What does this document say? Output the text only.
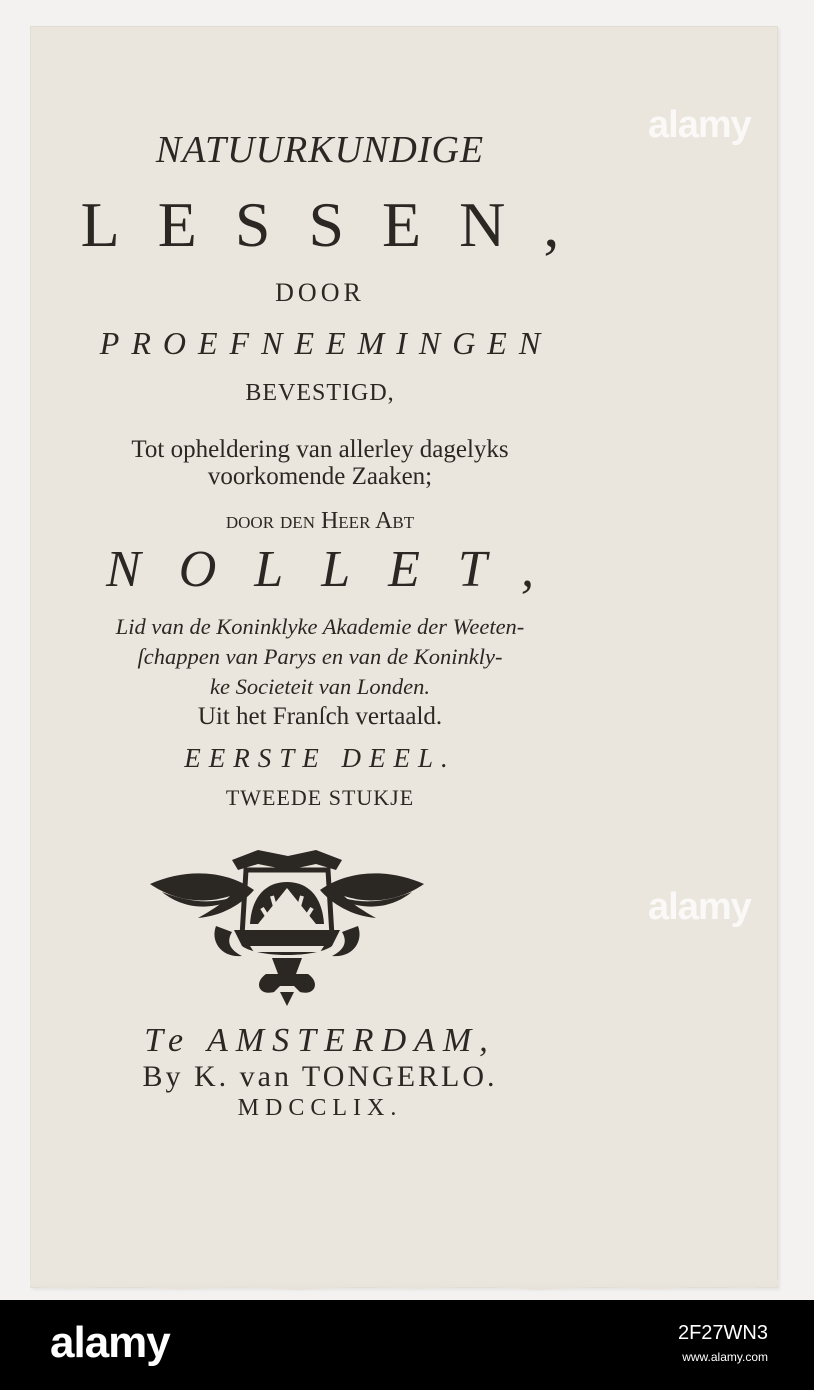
NATUURKUNDIGE
LESSEN,
DOOR
PROEFNEEMINGEN
BEVESTIGD,
Tot opheldering van allerley dagelyks
voorkomende Zaaken;
door den Heer Abt
NOLLET,
Lid van de Koninklyke Akademie der Weeten-
ſchappen van Parys en van de Koninkly-
ke Societeit van Londen.
Uit het Franſch vertaald.
EERSTE DEEL.
TWEEDE STUKJE
Te AMSTERDAM,
By K. van TONGERLO.
MDCCLIX.
alamy
alamy
alamy	2F27WN3
www.alamy.com
